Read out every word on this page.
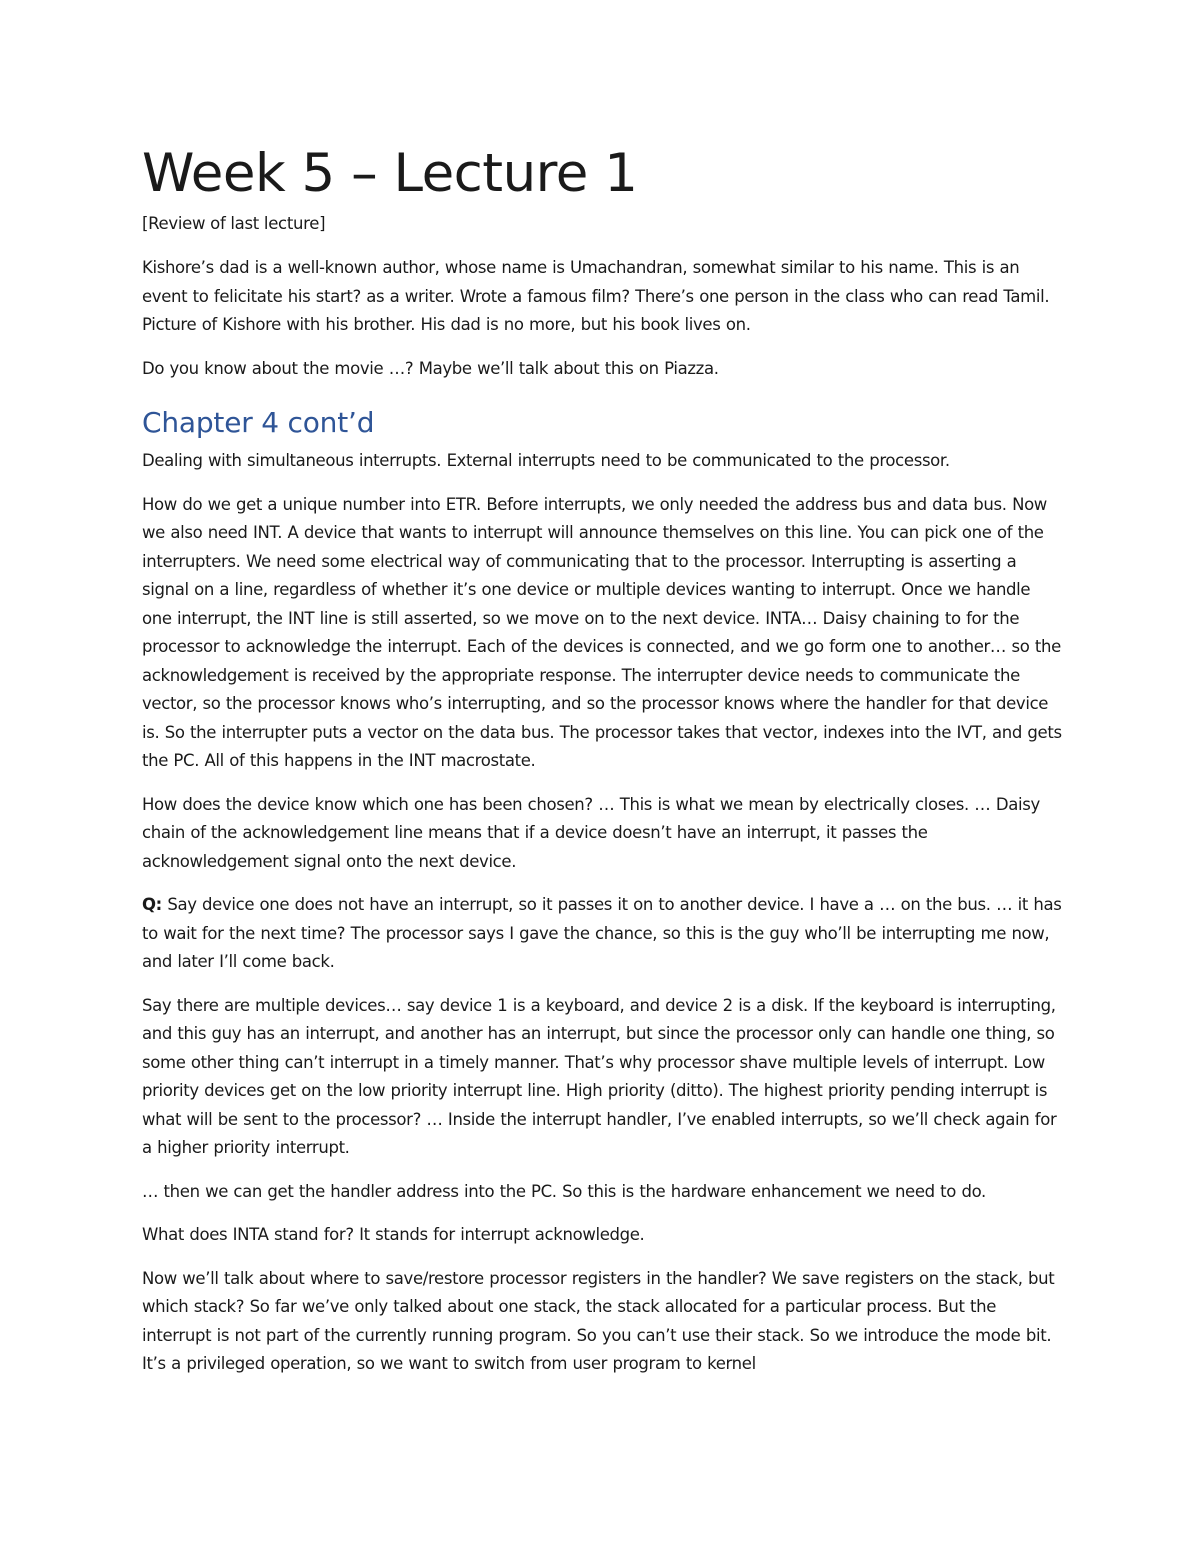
Week 5 – Lecture 1
[Review of last lecture]

Kishore’s dad is a well-known author, whose name is Umachandran, somewhat similar to his name. This is an event to felicitate his start? as a writer. Wrote a famous film? There’s one person in the class who can read Tamil. Picture of Kishore with his brother. His dad is no more, but his book lives on.

Do you know about the movie …? Maybe we’ll talk about this on Piazza.

Chapter 4 cont’d

Dealing with simultaneous interrupts. External interrupts need to be communicated to the processor.

How do we get a unique number into ETR. Before interrupts, we only needed the address bus and data bus. Now we also need INT. A device that wants to interrupt will announce themselves on this line. You can pick one of the interrupters. We need some electrical way of communicating that to the processor. Interrupting is asserting a signal on a line, regardless of whether it’s one device or multiple devices wanting to interrupt. Once we handle one interrupt, the INT line is still asserted, so we move on to the next device. INTA… Daisy chaining to for the processor to acknowledge the interrupt. Each of the devices is connected, and we go form one to another… so the acknowledgement is received by the appropriate response. The interrupter device needs to communicate the vector, so the processor knows who’s interrupting, and so the processor knows where the handler for that device is. So the interrupter puts a vector on the data bus. The processor takes that vector, indexes into the IVT, and gets the PC. All of this happens in the INT macrostate.

How does the device know which one has been chosen? … This is what we mean by electrically closes. … Daisy chain of the acknowledgement line means that if a device doesn’t have an interrupt, it passes the acknowledgement signal onto the next device.

Q: Say device one does not have an interrupt, so it passes it on to another device. I have a … on the bus. … it has to wait for the next time? The processor says I gave the chance, so this is the guy who’ll be interrupting me now, and later I’ll come back.

Say there are multiple devices… say device 1 is a keyboard, and device 2 is a disk. If the keyboard is interrupting, and this guy has an interrupt, and another has an interrupt, but since the processor only can handle one thing, so some other thing can’t interrupt in a timely manner. That’s why processor shave multiple levels of interrupt. Low priority devices get on the low priority interrupt line. High priority (ditto). The highest priority pending interrupt is what will be sent to the processor? … Inside the interrupt handler, I’ve enabled interrupts, so we’ll check again for a higher priority interrupt.

… then we can get the handler address into the PC. So this is the hardware enhancement we need to do.

What does INTA stand for? It stands for interrupt acknowledge.

Now we’ll talk about where to save/restore processor registers in the handler? We save registers on the stack, but which stack? So far we’ve only talked about one stack, the stack allocated for a particular process. But the interrupt is not part of the currently running program. So you can’t use their stack. So we introduce the mode bit. It’s a privileged operation, so we want to switch from user program to kernel
